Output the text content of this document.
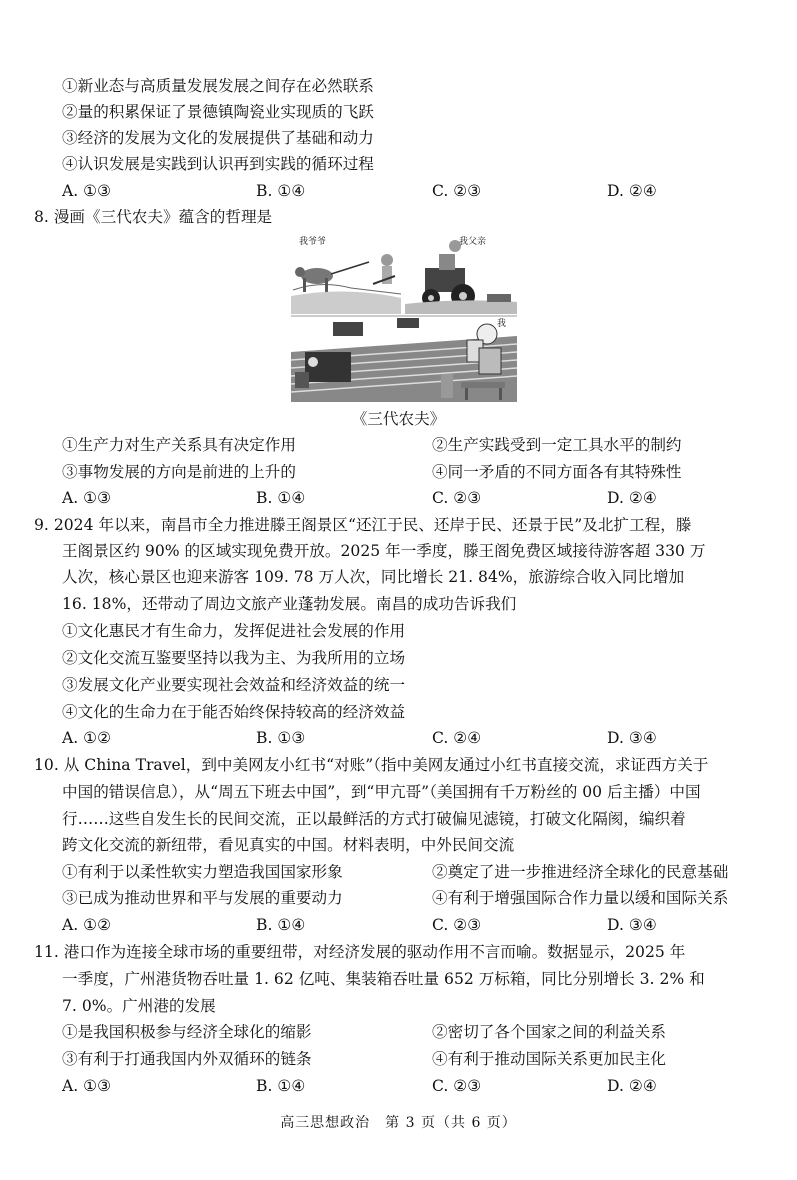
①新业态与高质量发展发展之间存在必然联系
②量的积累保证了景德镇陶瓷业实现质的飞跃
③经济的发展为文化的发展提供了基础和动力
④认识发展是实践到认识再到实践的循环过程
A. ①③	B. ①④	C. ②③	D. ②④
8. 漫画《三代农夫》蕴含的哲理是
我爷爷	我父亲
我
《三代农夫》
①生产力对生产关系具有决定作用	②生产实践受到一定工具水平的制约
③事物发展的方向是前进的上升的	④同一矛盾的不同方面各有其特殊性
A. ①③	B. ①④	C. ②③	D. ②④
9. 2024 年以来，南昌市全力推进滕王阁景区“还江于民、还岸于民、还景于民”及北扩工程，滕
王阁景区约 90% 的区域实现免费开放。2025 年一季度，滕王阁免费区域接待游客超 330 万
人次，核心景区也迎来游客 109. 78 万人次，同比增长 21. 84%，旅游综合收入同比增加
16. 18%，还带动了周边文旅产业蓬勃发展。南昌的成功告诉我们
①文化惠民才有生命力，发挥促进社会发展的作用
②文化交流互鉴要坚持以我为主、为我所用的立场
③发展文化产业要实现社会效益和经济效益的统一
④文化的生命力在于能否始终保持较高的经济效益
A. ①②	B. ①③	C. ②④	D. ③④
10. 从 China Travel，到中美网友小红书“对账”（指中美网友通过小红书直接交流，求证西方关于
中国的错误信息），从“周五下班去中国”，到“甲亢哥”（美国拥有千万粉丝的 00 后主播）中国
行……这些自发生长的民间交流，正以最鲜活的方式打破偏见滤镜，打破文化隔阂，编织着
跨文化交流的新纽带，看见真实的中国。材料表明，中外民间交流
①有利于以柔性软实力塑造我国国家形象	②奠定了进一步推进经济全球化的民意基础
③已成为推动世界和平与发展的重要动力	④有利于增强国际合作力量以缓和国际关系
A. ①②	B. ①④	C. ②③	D. ③④
11. 港口作为连接全球市场的重要纽带，对经济发展的驱动作用不言而喻。数据显示，2025 年
一季度，广州港货物吞吐量 1. 62 亿吨、集装箱吞吐量 652 万标箱，同比分别增长 3. 2% 和
7. 0%。广州港的发展
①是我国积极参与经济全球化的缩影	②密切了各个国家之间的利益关系
③有利于打通我国内外双循环的链条	④有利于推动国际关系更加民主化
A. ①③	B. ①④	C. ②③	D. ②④
高三思想政治　第 3 页（共 6 页）
